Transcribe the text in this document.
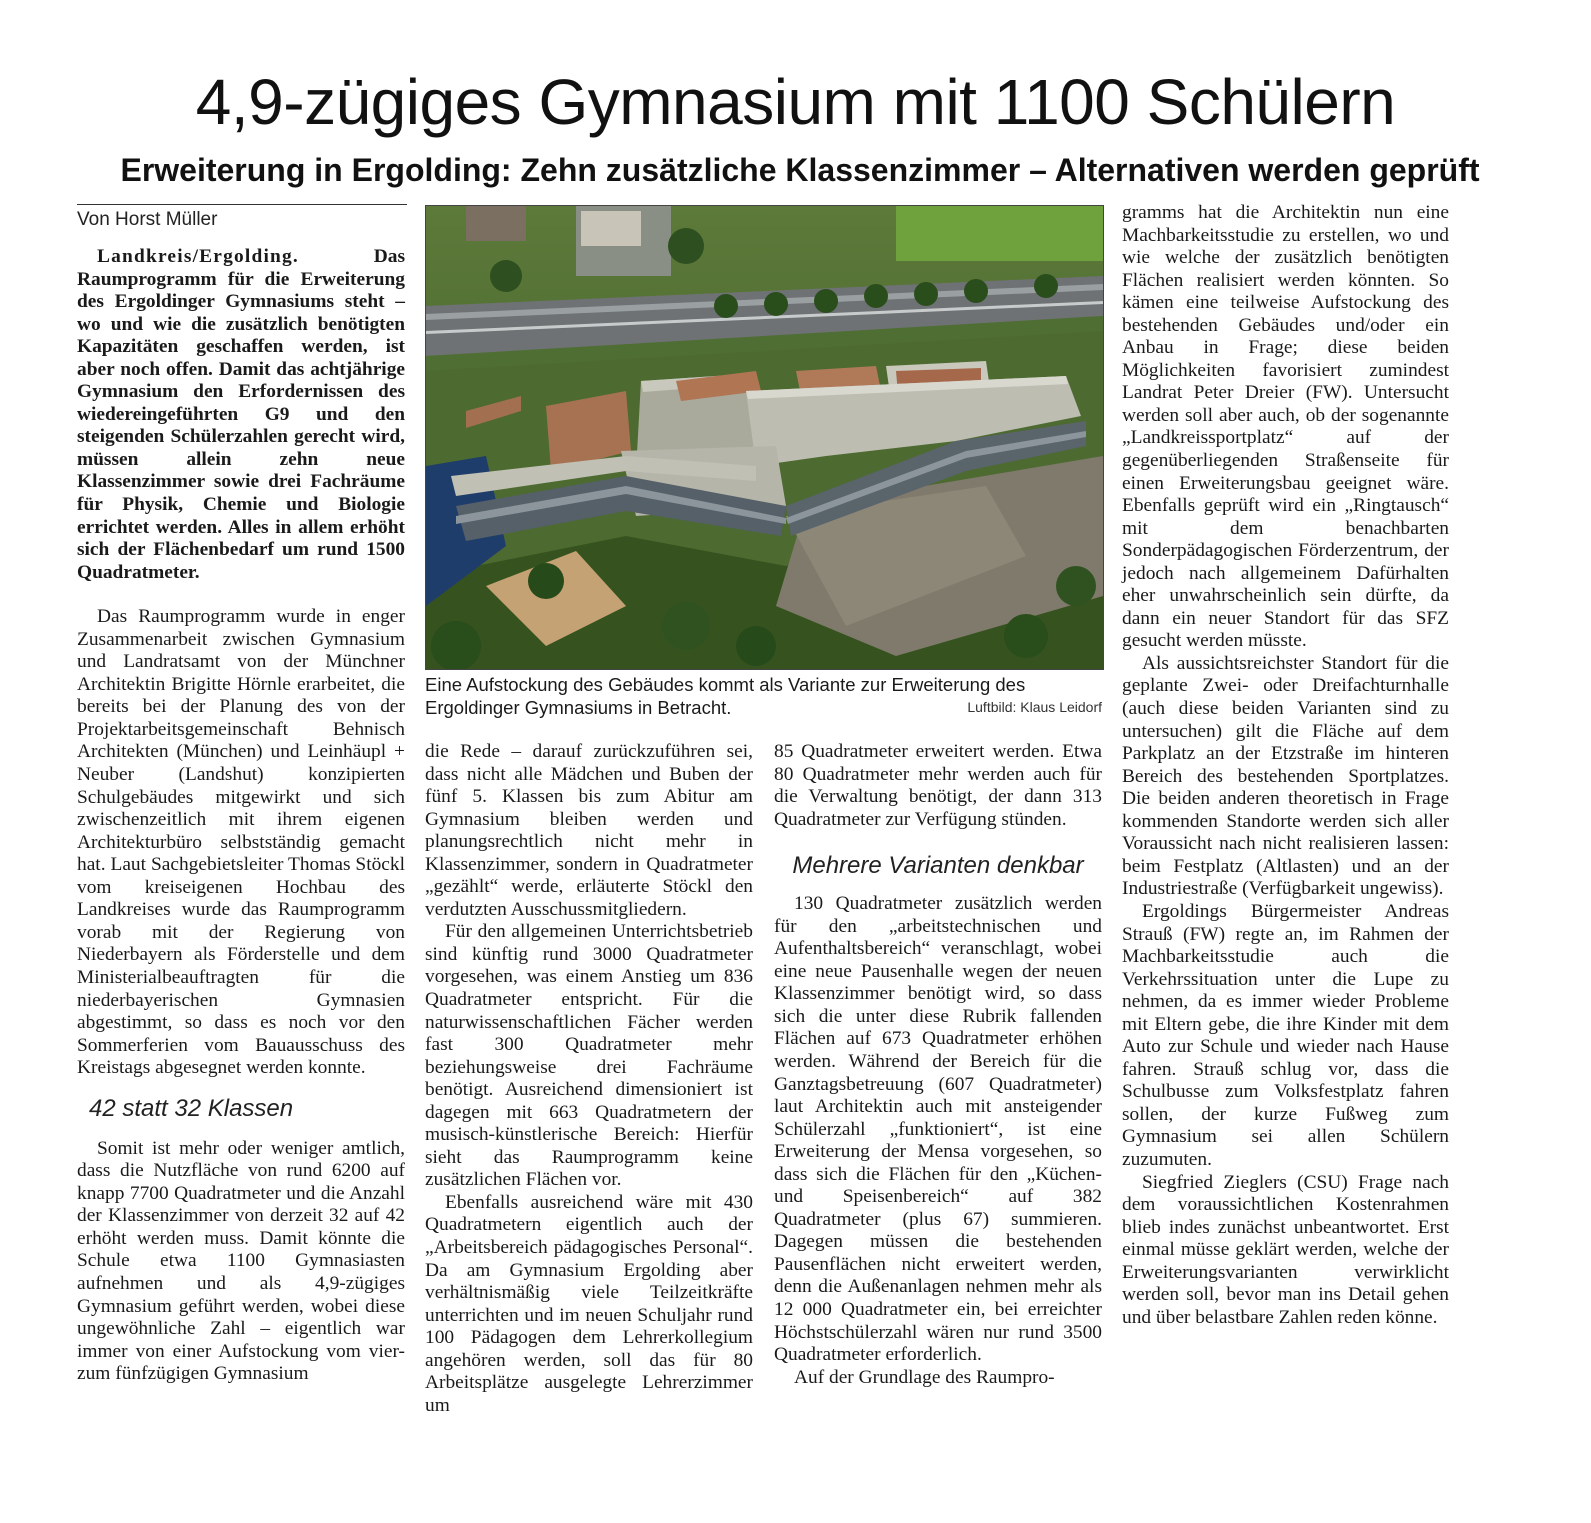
4,9-zügiges Gymnasium mit 1100 Schülern
Erweiterung in Ergolding: Zehn zusätzliche Klassenzimmer – Alternativen werden geprüft
Von Horst Müller

Landkreis/Ergolding.	Das Raumprogramm für die Erweiterung des Ergoldinger Gymnasiums steht – wo und wie die zusätzlich benötigten Kapazitäten geschaffen werden, ist aber noch offen. Damit das achtjährige Gymnasium den Erfordernissen des wiedereingeführten G9 und den steigenden Schülerzahlen gerecht wird, müssen allein zehn neue Klassenzimmer sowie drei Fachräume für Physik, Chemie und Biologie errichtet werden. Alles in allem erhöht sich der Flächenbedarf um rund 1500 Quadratmeter.

Das Raumprogramm wurde in enger Zusammenarbeit zwischen Gymnasium und Landratsamt von der Münchner Architektin Brigitte Hörnle erarbeitet, die bereits bei der Planung des von der Projektarbeitsgemeinschaft Behnisch Architekten (München) und Leinhäupl + Neuber (Landshut) konzipierten Schulgebäudes mitgewirkt und sich zwischenzeitlich mit ihrem eigenen Architekturbüro selbstständig gemacht hat. Laut Sachgebietsleiter Thomas Stöckl vom kreiseigenen Hochbau des Landkreises wurde das Raumprogramm vorab mit der Regierung von Niederbayern als Förderstelle und dem Ministerialbeauftragten für die niederbayerischen Gymnasien abgestimmt, so dass es noch vor den Sommerferien vom Bauausschuss des Kreistags abgesegnet werden konnte.

42 statt 32 Klassen

Somit ist mehr oder weniger amtlich, dass die Nutzfläche von rund 6200 auf knapp 7700 Quadratmeter und die Anzahl der Klassenzimmer von derzeit 32 auf 42 erhöht werden muss. Damit könnte die Schule etwa 1100 Gymnasiasten aufnehmen und als 4,9-zügiges Gymnasium geführt werden, wobei diese ungewöhnliche Zahl – eigentlich war immer von einer Aufstockung vom vier- zum fünfzügigen Gymnasium

Eine Aufstockung des Gebäudes kommt als Variante zur Erweiterung des Ergoldinger Gymnasiums in Betracht.	Luftbild: Klaus Leidorf

die Rede – darauf zurückzuführen sei, dass nicht alle Mädchen und Buben der fünf 5. Klassen bis zum Abitur am Gymnasium bleiben werden und planungsrechtlich nicht mehr in Klassenzimmer, sondern in Quadratmeter „gezählt“ werde, erläuterte Stöckl den verdutzten Ausschussmitgliedern.

Für den allgemeinen Unterrichtsbetrieb sind künftig rund 3000 Quadratmeter vorgesehen, was einem Anstieg um 836 Quadratmeter entspricht. Für die naturwissenschaftlichen Fächer werden fast 300 Quadratmeter mehr beziehungsweise drei Fachräume benötigt. Ausreichend dimensioniert ist dagegen mit 663 Quadratmetern der musisch-künstlerische Bereich: Hierfür sieht das Raumprogramm keine zusätzlichen Flächen vor.

Ebenfalls ausreichend wäre mit 430 Quadratmetern eigentlich auch der „Arbeitsbereich pädagogisches Personal“. Da am Gymnasium Ergolding aber verhältnismäßig viele Teilzeitkräfte unterrichten und im neuen Schuljahr rund 100 Pädagogen dem Lehrerkollegium angehören werden, soll das für 80 Arbeitsplätze ausgelegte Lehrerzimmer um

85 Quadratmeter erweitert werden. Etwa 80 Quadratmeter mehr werden auch für die Verwaltung benötigt, der dann 313 Quadratmeter zur Verfügung stünden.

Mehrere Varianten denkbar

130 Quadratmeter zusätzlich werden für den „arbeitstechnischen und Aufenthaltsbereich“ veranschlagt, wobei eine neue Pausenhalle wegen der neuen Klassenzimmer benötigt wird, so dass sich die unter diese Rubrik fallenden Flächen auf 673 Quadratmeter erhöhen werden. Während der Bereich für die Ganztagsbetreuung (607 Quadratmeter) laut Architektin auch mit ansteigender Schülerzahl „funktioniert“, ist eine Erweiterung der Mensa vorgesehen, so dass sich die Flächen für den „Küchen- und Speisenbereich“ auf 382 Quadratmeter (plus 67) summieren. Dagegen müssen die bestehenden Pausenflächen nicht erweitert werden, denn die Außenanlagen nehmen mehr als 12 000 Quadratmeter ein, bei erreichter Höchstschülerzahl wären nur rund 3500 Quadratmeter erforderlich.

Auf der Grundlage des Raumpro-

gramms hat die Architektin nun eine Machbarkeitsstudie zu erstellen, wo und wie welche der zusätzlich benötigten Flächen realisiert werden könnten. So kämen eine teilweise Aufstockung des bestehenden Gebäudes und/oder ein Anbau in Frage; diese beiden Möglichkeiten favorisiert zumindest Landrat Peter Dreier (FW). Untersucht werden soll aber auch, ob der sogenannte „Landkreissportplatz“ auf der gegenüberliegenden Straßenseite für einen Erweiterungsbau geeignet wäre. Ebenfalls geprüft wird ein „Ringtausch“ mit dem benachbarten Sonderpädagogischen Förderzentrum, der jedoch nach allgemeinem Dafürhalten eher unwahrscheinlich sein dürfte, da dann ein neuer Standort für das SFZ gesucht werden müsste.

Als aussichtsreichster Standort für die geplante Zwei- oder Dreifachturnhalle (auch diese beiden Varianten sind zu untersuchen) gilt die Fläche auf dem Parkplatz an der Etzstraße im hinteren Bereich des bestehenden Sportplatzes. Die beiden anderen theoretisch in Frage kommenden Standorte werden sich aller Voraussicht nach nicht realisieren lassen: beim Festplatz (Altlasten) und an der Industriestraße (Verfügbarkeit ungewiss).

Ergoldings Bürgermeister Andreas Strauß (FW) regte an, im Rahmen der Machbarkeitsstudie auch die Verkehrssituation unter die Lupe zu nehmen, da es immer wieder Probleme mit Eltern gebe, die ihre Kinder mit dem Auto zur Schule und wieder nach Hause fahren. Strauß schlug vor, dass die Schulbusse zum Volksfestplatz fahren sollen, der kurze Fußweg zum Gymnasium sei allen Schülern zuzumuten.

Siegfried Zieglers (CSU) Frage nach dem voraussichtlichen Kostenrahmen blieb indes zunächst unbeantwortet. Erst einmal müsse geklärt werden, welche der Erweiterungsvarianten verwirklicht werden soll, bevor man ins Detail gehen und über belastbare Zahlen reden könne.
